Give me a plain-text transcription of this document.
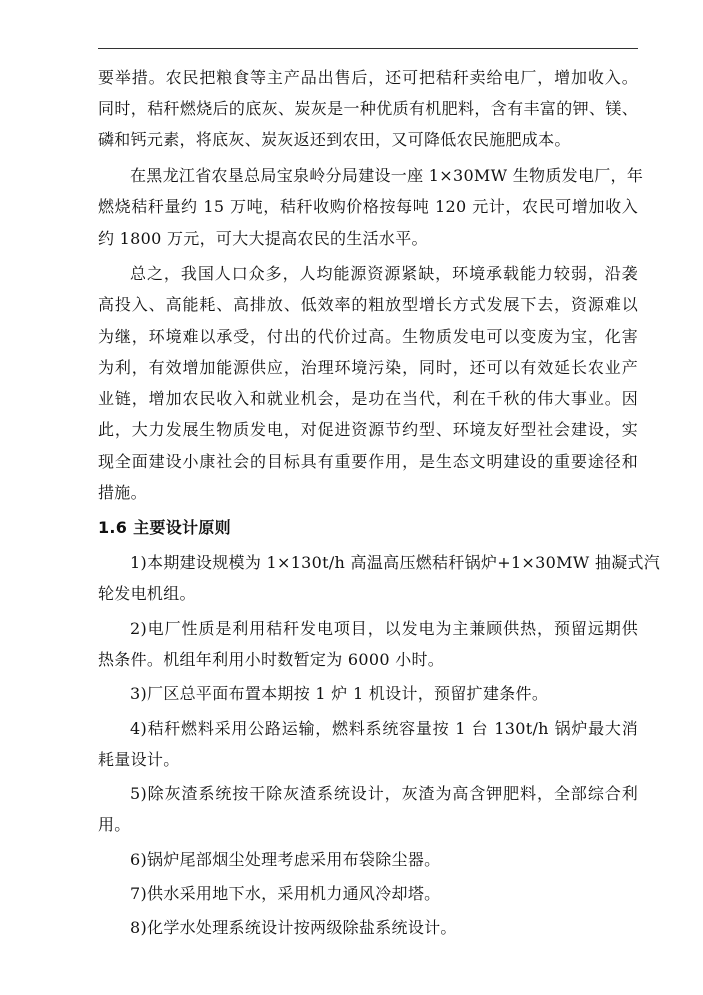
要举措。农民把粮食等主产品出售后，还可把秸秆卖给电厂，增加收入。
同时，秸秆燃烧后的底灰、炭灰是一种优质有机肥料，含有丰富的钾、镁、
磷和钙元素，将底灰、炭灰返还到农田，又可降低农民施肥成本。
在黑龙江省农垦总局宝泉岭分局建设一座 1×30MW 生物质发电厂，年
燃烧秸秆量约 15 万吨，秸秆收购价格按每吨 120 元计，农民可增加收入
约 1800 万元，可大大提高农民的生活水平。
总之，我国人口众多，人均能源资源紧缺，环境承载能力较弱，沿袭
高投入、高能耗、高排放、低效率的粗放型增长方式发展下去，资源难以
为继，环境难以承受，付出的代价过高。生物质发电可以变废为宝，化害
为利，有效增加能源供应，治理环境污染，同时，还可以有效延长农业产
业链，增加农民收入和就业机会，是功在当代，利在千秋的伟大事业。因
此，大力发展生物质发电，对促进资源节约型、环境友好型社会建设，实
现全面建设小康社会的目标具有重要作用，是生态文明建设的重要途径和
措施。
1.6 主要设计原则
1)本期建设规模为 1×130t/h 高温高压燃秸秆锅炉+1×30MW 抽凝式汽
轮发电机组。
2)电厂性质是利用秸秆发电项目，以发电为主兼顾供热，预留远期供
热条件。机组年利用小时数暂定为 6000 小时。
3)厂区总平面布置本期按 1 炉 1 机设计，预留扩建条件。
4)秸秆燃料采用公路运输，燃料系统容量按 1 台 130t/h 锅炉最大消
耗量设计。
5)除灰渣系统按干除灰渣系统设计，灰渣为高含钾肥料，全部综合利
用。
6)锅炉尾部烟尘处理考虑采用布袋除尘器。
7)供水采用地下水，采用机力通风冷却塔。
8)化学水处理系统设计按两级除盐系统设计。
